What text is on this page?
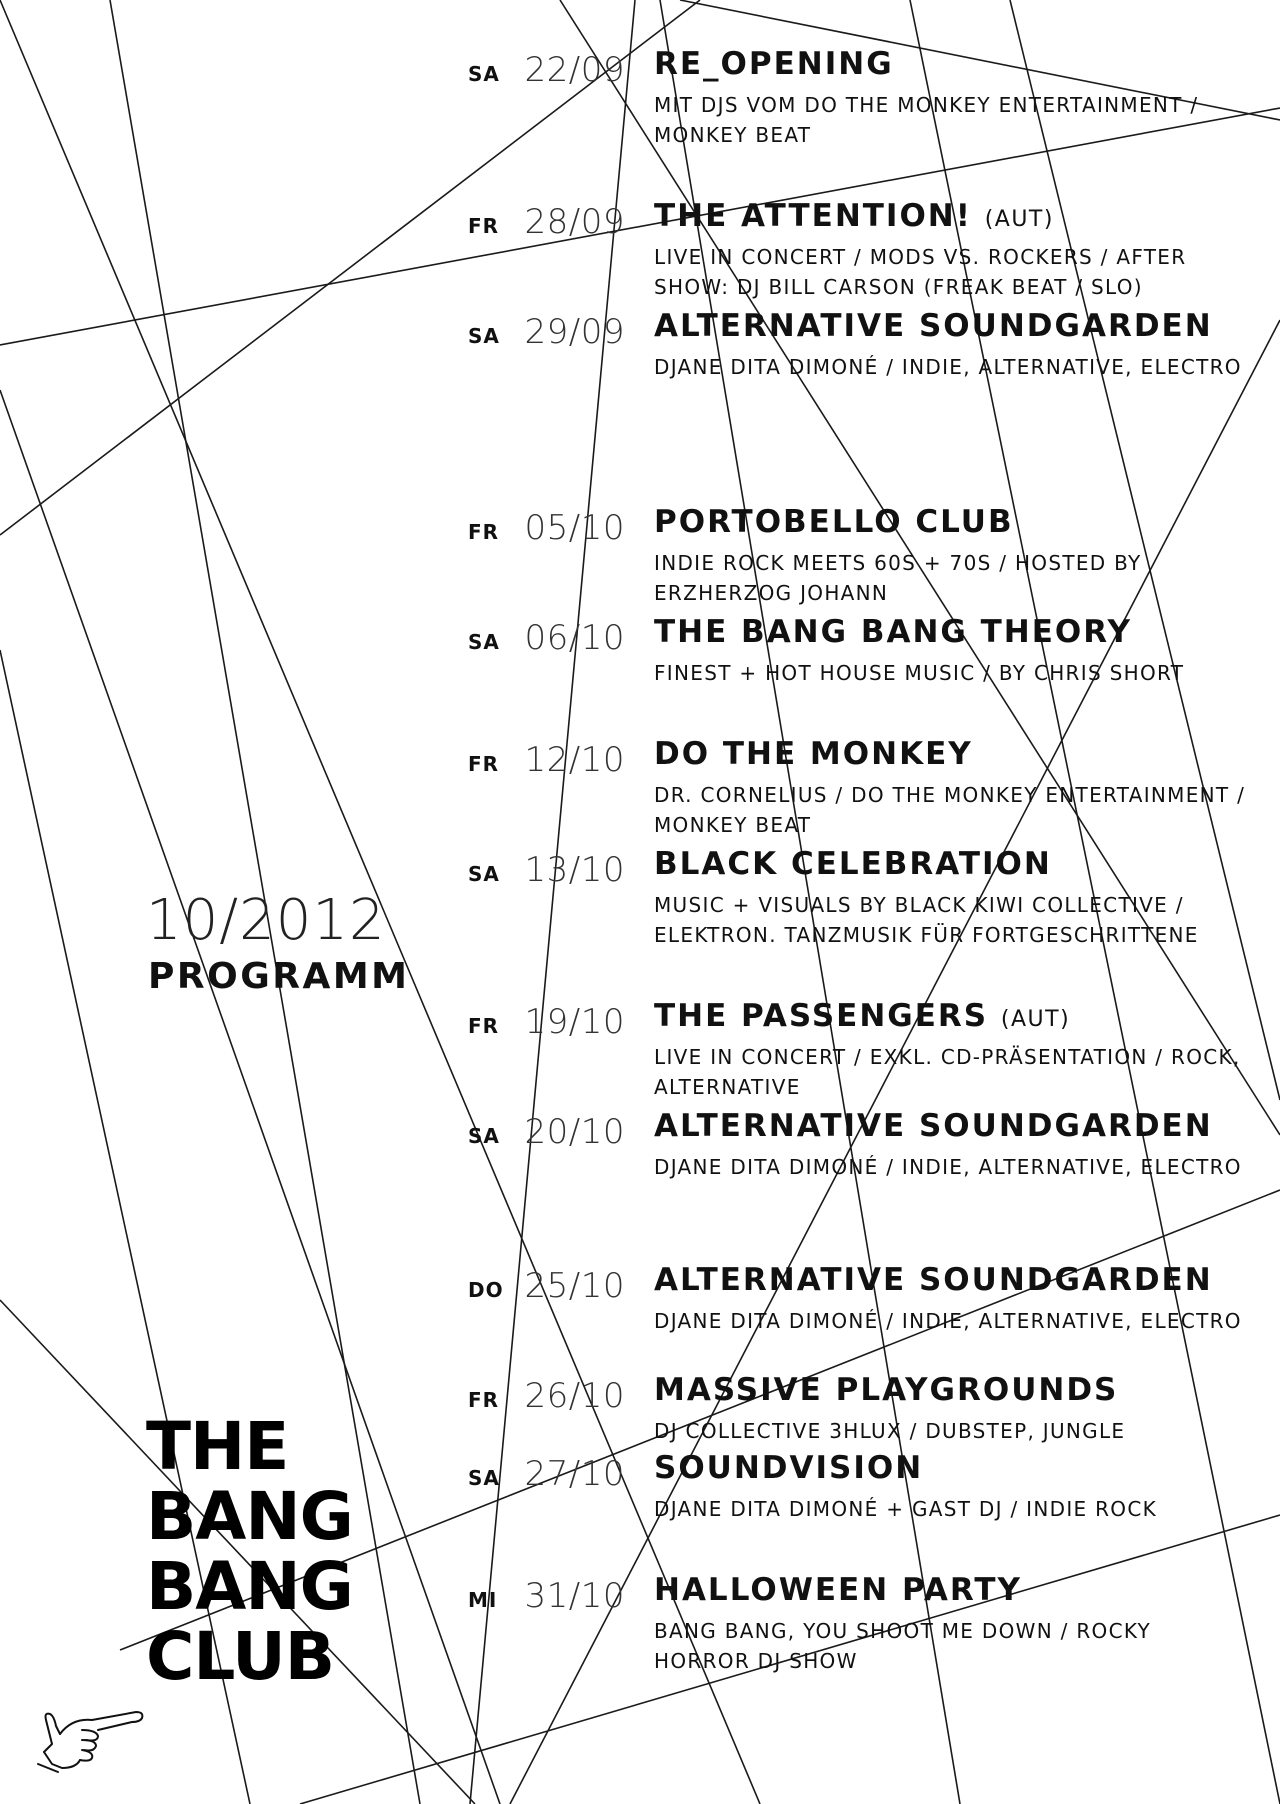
SA 22/09 RE_OPENING
MIT DJS VOM DO THE MONKEY ENTERTAINMENT / MONKEY BEAT
FR 28/09 THE ATTENTION! (AUT)
LIVE IN CONCERT / MODS VS. ROCKERS / AFTER SHOW: DJ BILL CARSON (FREAK BEAT / SLO)
SA 29/09 ALTERNATIVE SOUNDGARDEN
DJANE DITA DIMONÉ / INDIE, ALTERNATIVE, ELECTRO
FR 05/10 PORTOBELLO CLUB
INDIE ROCK MEETS 60S + 70S / HOSTED BY ERZHERZOG JOHANN
SA 06/10 THE BANG BANG THEORY
FINEST + HOT HOUSE MUSIC / BY CHRIS SHORT
FR 12/10 DO THE MONKEY
DR. CORNELIUS / DO THE MONKEY ENTERTAINMENT / MONKEY BEAT
SA 13/10 BLACK CELEBRATION
MUSIC + VISUALS BY BLACK KIWI COLLECTIVE / ELEKTRON. TANZMUSIK FÜR FORTGESCHRITTENE
FR 19/10 THE PASSENGERS (AUT)
LIVE IN CONCERT / EXKL. CD-PRÄSENTATION / ROCK, ALTERNATIVE
SA 20/10 ALTERNATIVE SOUNDGARDEN
DJANE DITA DIMONÉ / INDIE, ALTERNATIVE, ELECTRO
DO 25/10 ALTERNATIVE SOUNDGARDEN
DJANE DITA DIMONÉ / INDIE, ALTERNATIVE, ELECTRO
FR 26/10 MASSIVE PLAYGROUNDS
DJ COLLECTIVE 3HLUX / DUBSTEP, JUNGLE
SA 27/10 SOUNDVISION
DJANE DITA DIMONÉ + GAST DJ / INDIE ROCK
MI 31/10 HALLOWEEN PARTY
BANG BANG, YOU SHOOT ME DOWN / ROCKY HORROR DJ SHOW
10/2012
PROGRAMM
THE
BANG
BANG
CLUB
